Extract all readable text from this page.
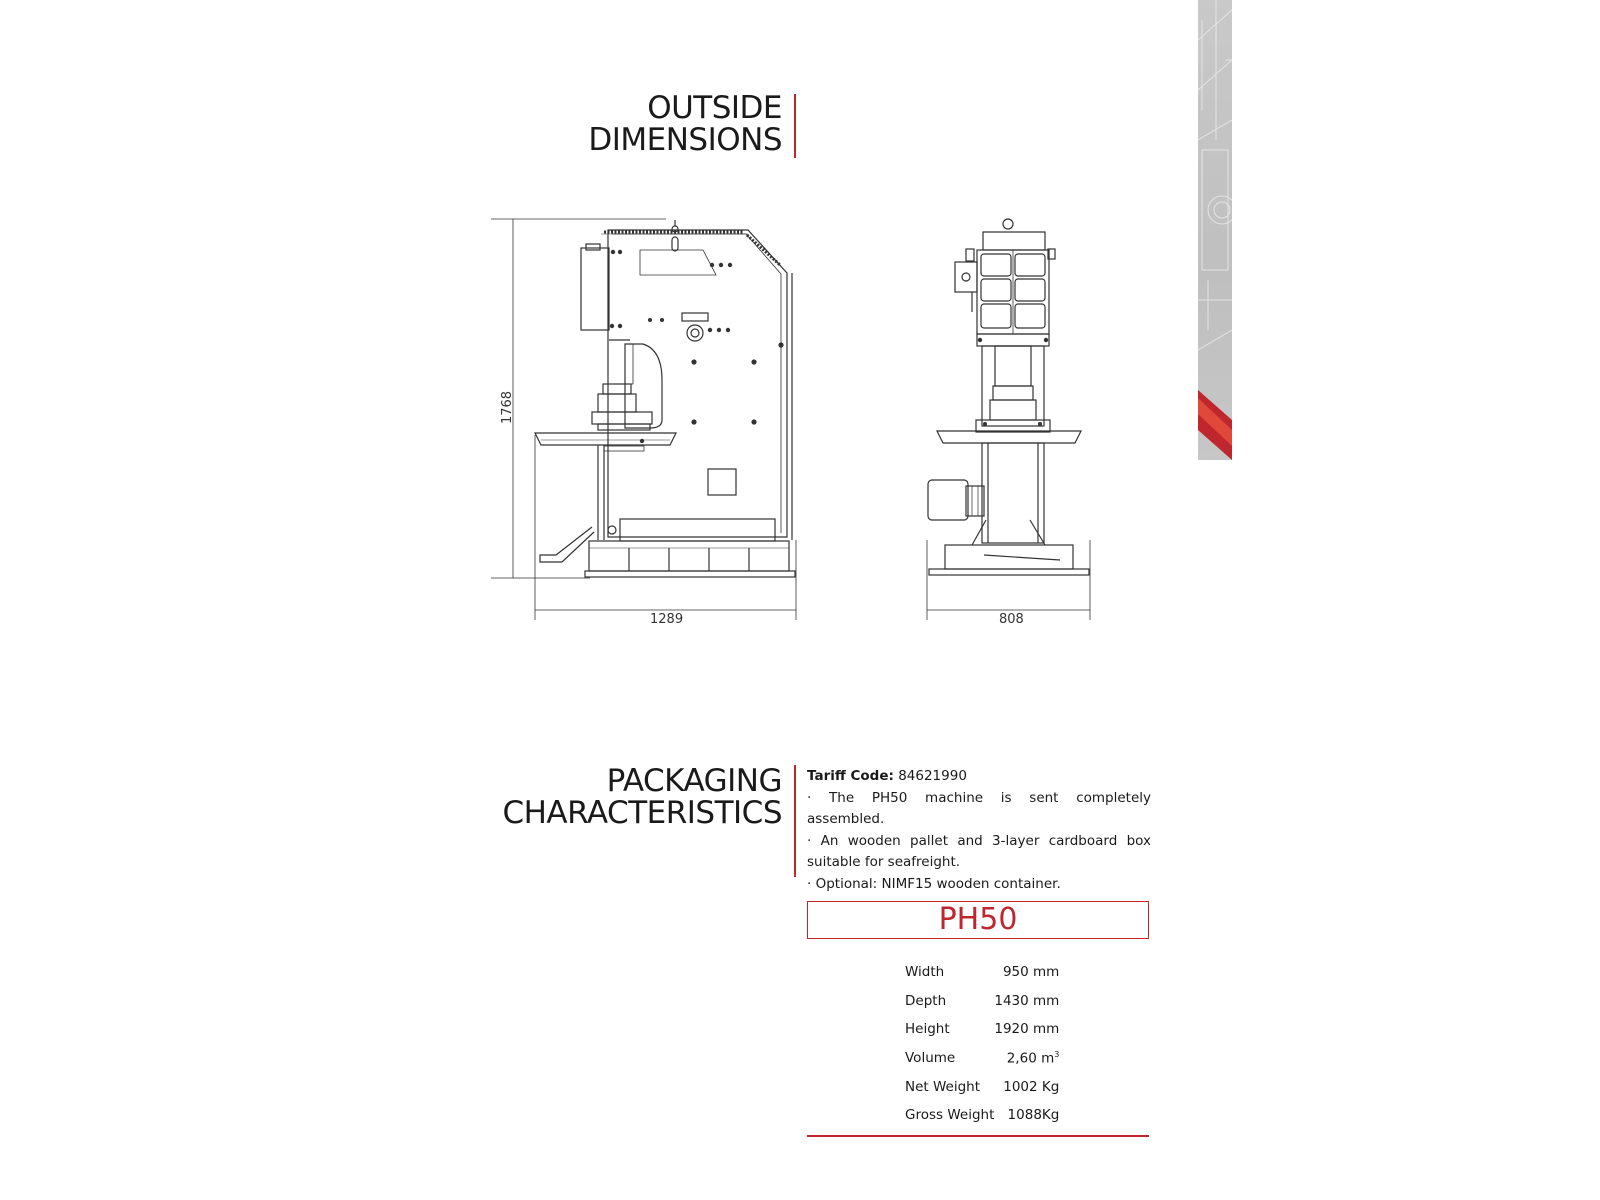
OUTSIDE
DIMENSIONS
1289	808
1768
PACKAGING
CHARACTERISTICS

Tariff Code: 84621990

· The PH50 machine is sent completely assembled.

· An wooden pallet and 3-layer cardboard box suitable for seafreight.

· Optional: NIMF15 wooden container.

PH50
Width	950 mm
Depth	1430 mm
Height	1920 mm
Volume	2,60 $m^3$
Net Weight	1002 Kg
Gross Weight	1088Kg
